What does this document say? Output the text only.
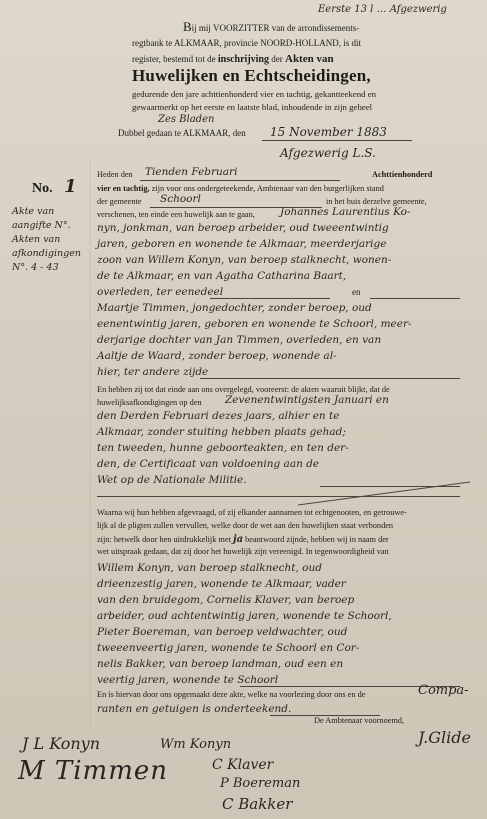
Eerste 13 l … Afgezwerig
Bij mij VOORZITTER van de arrondissements-
regtbank te ALKMAAR, provincie NOORD-HOLLAND, is dit
register, bestemd tot de inschrijving der Akten van
Huwelijken en Echtscheidingen,
gedurende den jare achttienhonderd vier en tachtig, gekantteekend en
gewaarmerkt op het eerste en laatste blad, inhoudende in zijn geheel
Zes Bladen
Dubbel gedaan te ALKMAAR, den 15 November 1883
Afgezwerig L.S.
No. 1
Akte van aangifte N°.
Akten van afkondigingen
N°. 4 - 43
Heden den Tienden Februari	Achttienhonderd
vier en tachtig, zijn voor ons ondergeteekende, Ambtenaar van den burgerlijken stand
der gemeente Schoorl	in het huis derzelve gemeente,
verschenen, ten einde een huwelijk aan te gaan, Johannes Laurentius Ko-
nyn, jonkman, van beroep arbeider, oud tweeentwintig
jaren, geboren en wonende te Alkmaar, meerderjarige
zoon van Willem Konyn, van beroep stalknecht, wonen-
de te Alkmaar, en van Agatha Catharina Baart,
overleden, ter eenedeel	en
Maartje Timmen, jongedochter, zonder beroep, oud
eenentwintig jaren, geboren en wonende te Schoorl, meer-
derjarige dochter van Jan Timmen, overleden, en van
Aaltje de Waard, zonder beroep, wonende al-
hier, ter andere zijde
En hebben zij tot dat einde aan ons overgelegd, vooreerst: de akten waaruit blijkt, dat de
huwelijksafkondigingen op den Zevenentwintigsten Januari en
den Derden Februari dezes jaars, alhier en te
Alkmaar, zonder stuiting hebben plaats gehad;
ten tweeden, hunne geboorteakten, en ten der-
den, de Certificaat van voldoening aan de
Wet op de Nationale Militie.
Waarna wij hun hebben afgevraagd, of zij elkander aannamen tot echtgenooten, en getrouwe-
lijk al de pligten zullen vervullen, welke door de wet aan den huwelijken staat verbonden
zijn: hetwelk door hen uitdrukkelijk met ja beantwoord zijnde, hebben wij in naam der
wet uitspraak gedaan, dat zij door het huwelijk zijn vereenigd. In tegenwoordigheid van
Willem Konyn, van beroep stalknecht, oud
drieenzestig jaren, wonende te Alkmaar, vader
van den bruidegom, Cornelis Klaver, van beroep
arbeider, oud achtentwintig jaren, wonende te Schoorl,
Pieter Boereman, van beroep veldwachter, oud
tweeenveertig jaren, wonende te Schoorl en Cor-
nelis Bakker, van beroep landman, oud een en
veertig jaren, wonende te Schoorl
En is hiervan door ons opgemaakt deze akte, welke na voorlezing door ons en de	Compa-
ranten en getuigen is onderteekend.
De Ambtenaar voornoemd,
J.Glide
J L Konyn	Wm Konyn
M Timmen	C Klaver
P Boereman
C Bakker
